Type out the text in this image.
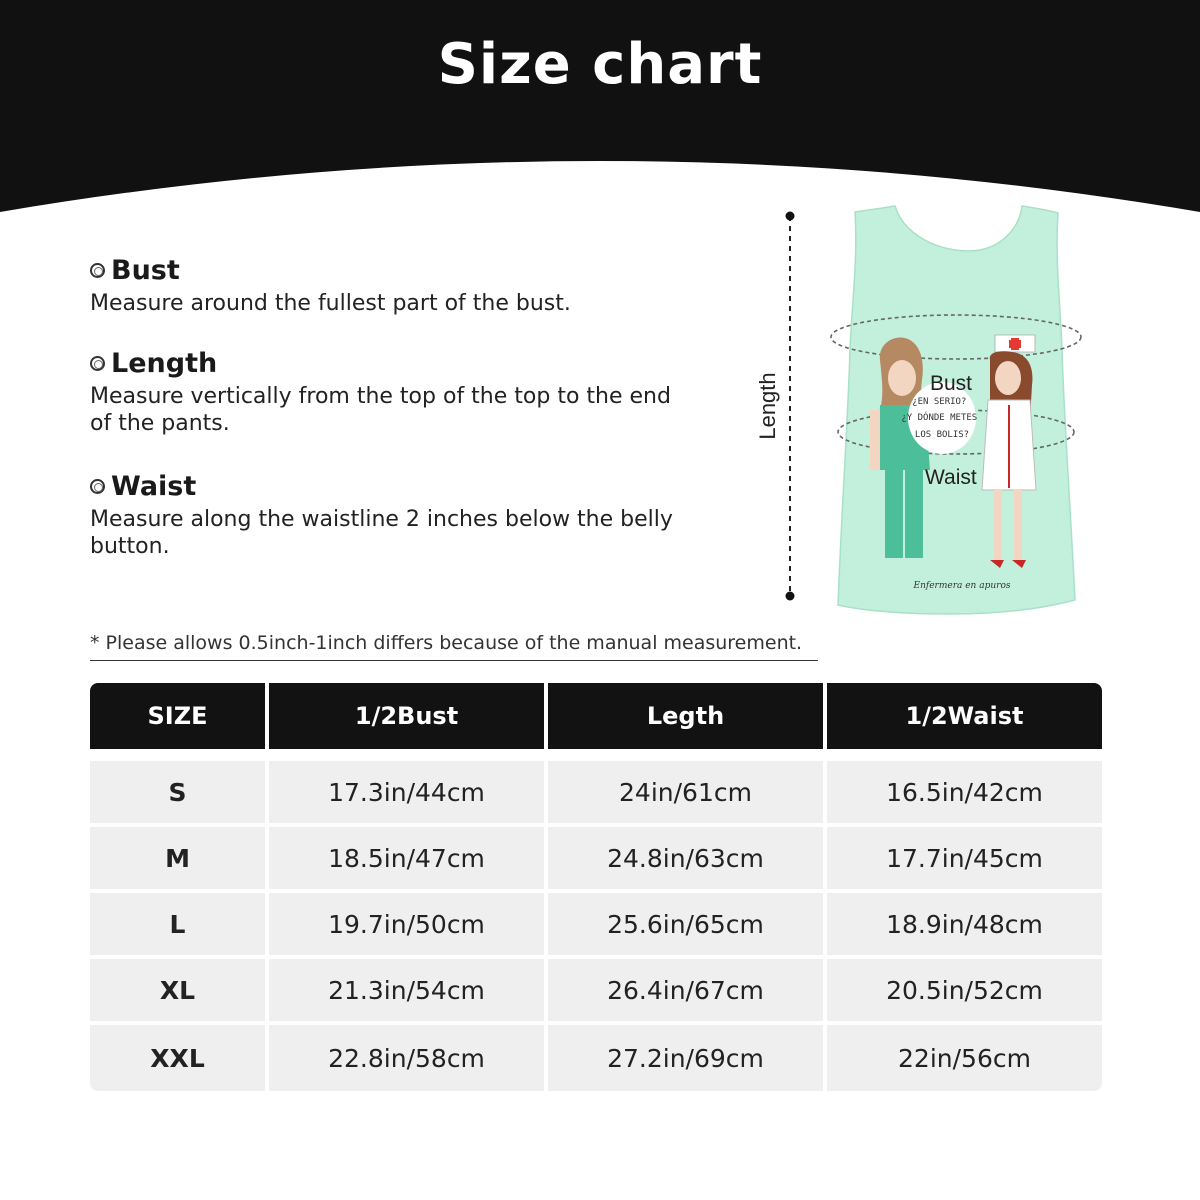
Size chart
Bust
Measure around the fullest part of the bust.
Length
Measure vertically from the top of the top to the end of the pants.
Waist
Measure along the waistline 2 inches below the belly button.
Length	¿EN SERIO? ¿Y DÓNDE METES LOS BOLIS?
Bust
Waist
Enfermera en apuros
* Please allows 0.5inch-1inch differs because of the manual measurement.
SIZE	1/2Bust	Legth	1/2Waist

S	17.3in/44cm	24in/61cm	16.5in/42cm
M	18.5in/47cm	24.8in/63cm	17.7in/45cm
L	19.7in/50cm	25.6in/65cm	18.9in/48cm
XL	21.3in/54cm	26.4in/67cm	20.5in/52cm
XXL	22.8in/58cm	27.2in/69cm	22in/56cm
